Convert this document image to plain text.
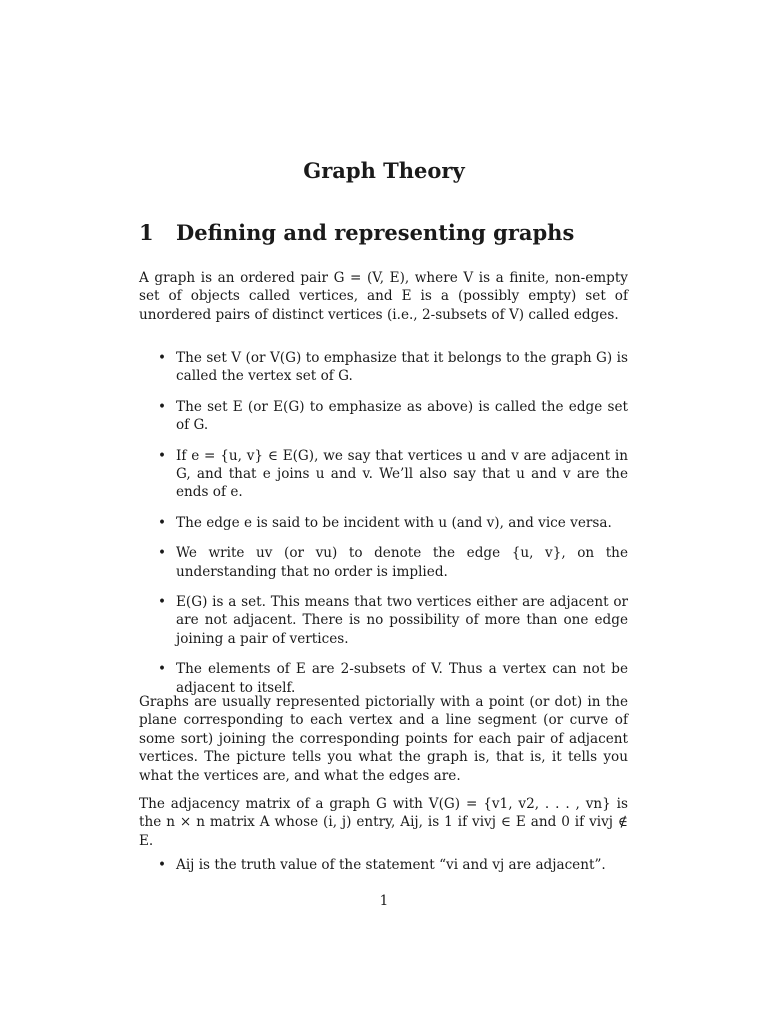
Graph Theory
1 Defining and representing graphs
A graph is an ordered pair G = (V, E), where V is a finite, non-empty set of objects called vertices, and E is a (possibly empty) set of unordered pairs of distinct vertices (i.e., 2-subsets of V) called edges.
• The set V (or V(G) to emphasize that it belongs to the graph G) is called the vertex set of G.
• The set E (or E(G) to emphasize as above) is called the edge set of G.
• If e = {u, v} ∈ E(G), we say that vertices u and v are adjacent in G, and that e joins u and v. We’ll also say that u and v are the ends of e.
• The edge e is said to be incident with u (and v), and vice versa.
• We write uv (or vu) to denote the edge {u, v}, on the understanding that no order is implied.
• E(G) is a set. This means that two vertices either are adjacent or are not adjacent. There is no possibility of more than one edge joining a pair of vertices.
• The elements of E are 2-subsets of V. Thus a vertex can not be adjacent to itself.
Graphs are usually represented pictorially with a point (or dot) in the plane corresponding to each vertex and a line segment (or curve of some sort) joining the corresponding points for each pair of adjacent vertices. The picture tells you what the graph is, that is, it tells you what the vertices are, and what the edges are.
The adjacency matrix of a graph G with V(G) = {v1, v2, . . . , vn} is the n × n matrix A whose (i, j) entry, Aij, is 1 if vivj ∈ E and 0 if vivj ∉ E.
• Aij is the truth value of the statement “vi and vj are adjacent”.
1
